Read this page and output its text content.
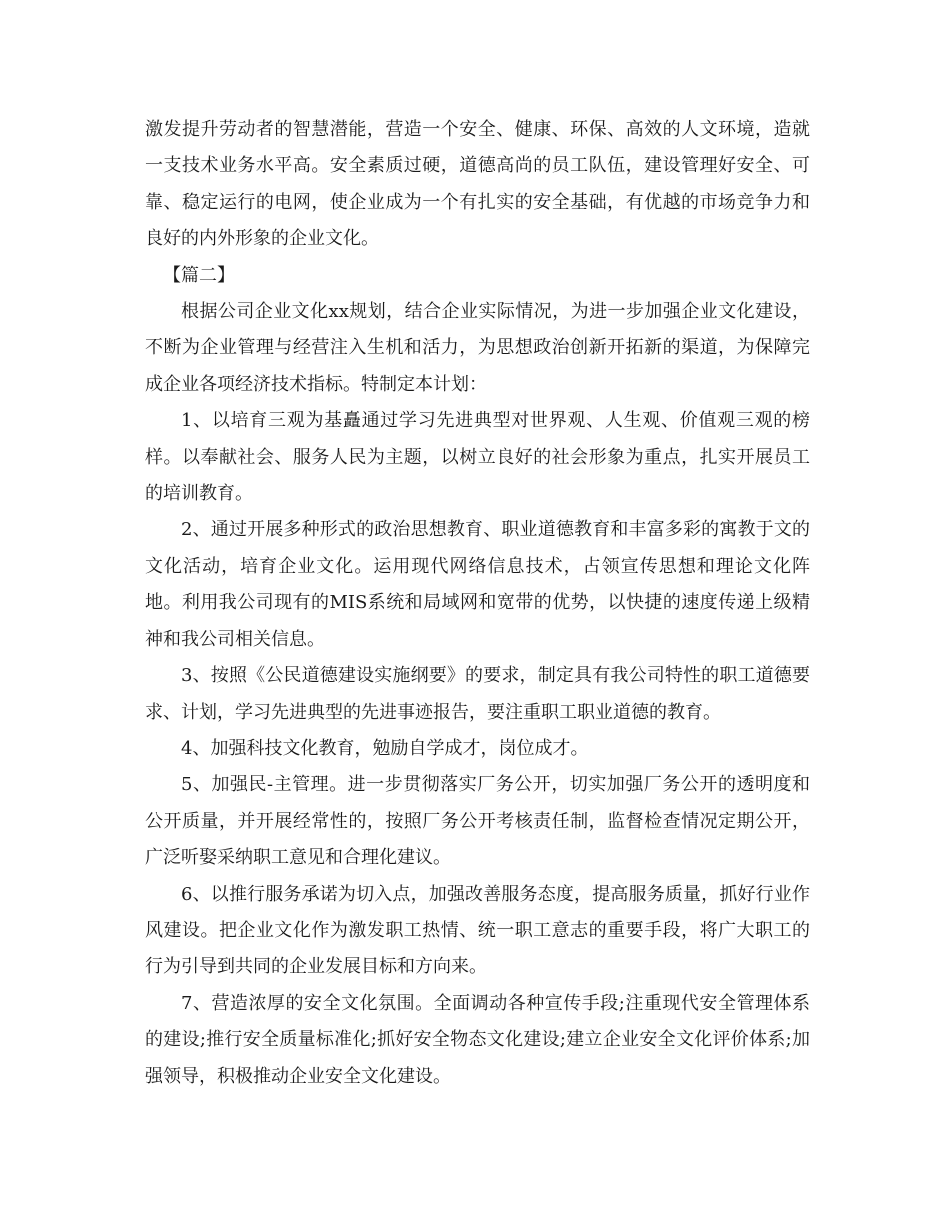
激发提升劳动者的智慧潜能，营造一个安全、健康、环保、高效的人文环境，造就一支技术业务水平高。安全素质过硬，道德高尚的员工队伍，建设管理好安全、可靠、稳定运行的电网，使企业成为一个有扎实的安全基础，有优越的市场竞争力和良好的内外形象的企业文化。

【篇二】

根据公司企业文化xx规划，结合企业实际情况，为进一步加强企业文化建设，不断为企业管理与经营注入生机和活力，为思想政治创新开拓新的渠道，为保障完成企业各项经济技术指标。特制定本计划：

1、以培育三观为基矗通过学习先进典型对世界观、人生观、价值观三观的榜样。以奉献社会、服务人民为主题，以树立良好的社会形象为重点，扎实开展员工的培训教育。

2、通过开展多种形式的政治思想教育、职业道德教育和丰富多彩的寓教于文的文化活动，培育企业文化。运用现代网络信息技术，占领宣传思想和理论文化阵地。利用我公司现有的MIS系统和局域网和宽带的优势，以快捷的速度传递上级精神和我公司相关信息。

3、按照《公民道德建设实施纲要》的要求，制定具有我公司特性的职工道德要求、计划，学习先进典型的先进事迹报告，要注重职工职业道德的教育。

4、加强科技文化教育，勉励自学成才，岗位成才。

5、加强民-主管理。进一步贯彻落实厂务公开，切实加强厂务公开的透明度和公开质量，并开展经常性的，按照厂务公开考核责任制，监督检查情况定期公开，广泛听娶采纳职工意见和合理化建议。

6、以推行服务承诺为切入点，加强改善服务态度，提高服务质量，抓好行业作风建设。把企业文化作为激发职工热情、统一职工意志的重要手段，将广大职工的行为引导到共同的企业发展目标和方向来。

7、营造浓厚的安全文化氛围。全面调动各种宣传手段;注重现代安全管理体系的建设;推行安全质量标准化;抓好安全物态文化建设;建立企业安全文化评价体系;加强领导，积极推动企业安全文化建设。
